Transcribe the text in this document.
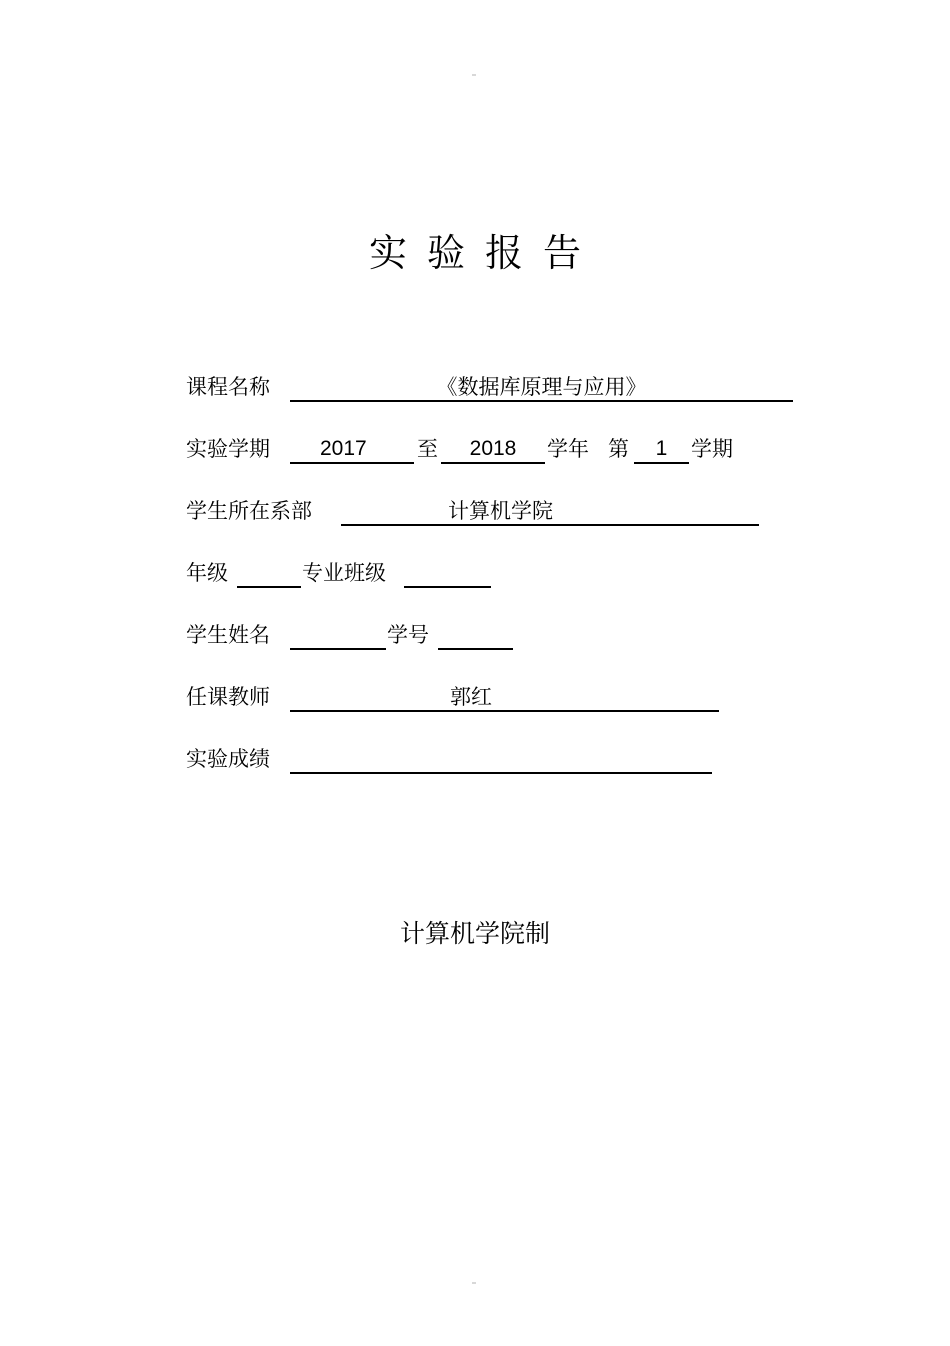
实 验 报 告
课程名称	《数据库原理与应用》
实验学期	2017	至	2018	学年 第	1	学期
学生所在系部	计算机学院
年级	专业班级
学生姓名	学号
任课教师	郭红
实验成绩
计算机学院制
